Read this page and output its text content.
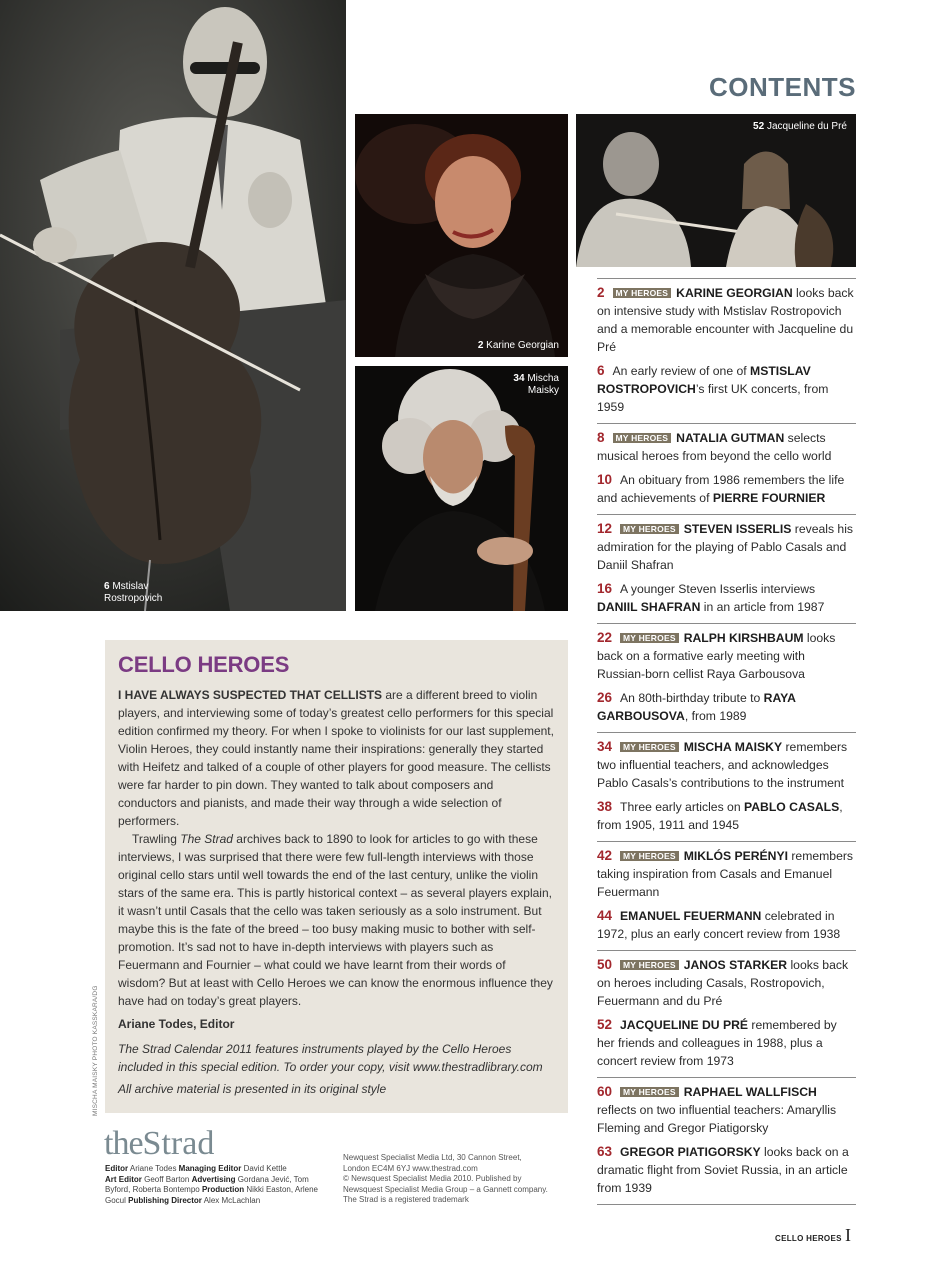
6 Mstislav
Rostropovich
2 Karine Georgian
34 Mischa
Maisky
52 Jacqueline du Pré
CONTENTS
2 MY HEROES KARINE GEORGIAN looks back on intensive study with Mstislav Rostropovich and a memorable encounter with Jacqueline du Pré
6 An early review of one of MSTISLAV ROSTROPOVICH’s first UK concerts, from 1959
8 MY HEROES NATALIA GUTMAN selects musical heroes from beyond the cello world
10 An obituary from 1986 remembers the life and achievements of PIERRE FOURNIER
12 MY HEROES STEVEN ISSERLIS reveals his admiration for the playing of Pablo Casals and Daniil Shafran
16 A younger Steven Isserlis interviews DANIIL SHAFRAN in an article from 1987
22 MY HEROES RALPH KIRSHBAUM looks back on a formative early meeting with Russian-born cellist Raya Garbousova
26 An 80th-birthday tribute to RAYA GARBOUSOVA, from 1989
34 MY HEROES MISCHA MAISKY remembers two influential teachers, and acknowledges Pablo Casals’s contributions to the instrument
38 Three early articles on PABLO CASALS, from 1905, 1911 and 1945
42 MY HEROES MIKLÓS PERÉNYI remembers taking inspiration from Casals and Emanuel Feuermann
44 EMANUEL FEUERMANN celebrated in 1972, plus an early concert review from 1938
50 MY HEROES JANOS STARKER looks back on heroes including Casals, Rostropovich, Feuermann and du Pré
52 JACQUELINE DU PRÉ remembered by her friends and colleagues in 1988, plus a concert review from 1973
60 MY HEROES RAPHAEL WALLFISCH reflects on two influential teachers: Amaryllis Fleming and Gregor Piatigorsky
63 GREGOR PIATIGORSKY looks back on a dramatic flight from Soviet Russia, in an article from 1939
CELLO HEROES

I HAVE ALWAYS SUSPECTED THAT CELLISTS are a different breed to violin players, and interviewing some of today’s greatest cello performers for this special edition confirmed my theory. For when I spoke to violinists for our last supplement, Violin Heroes, they could instantly name their inspirations: generally they started with Heifetz and talked of a couple of other players for good measure. The cellists were far harder to pin down. They wanted to talk about composers and conductors and pianists, and made their way through a wide selection of performers.

Trawling The Strad archives back to 1890 to look for articles to go with these interviews, I was surprised that there were few full-length interviews with those original cello stars until well towards the end of the last century, unlike the violin stars of the same era. This is partly historical context – as several players explain, it wasn’t until Casals that the cello was taken seriously as a solo instrument. But maybe this is the fate of the breed – too busy making music to bother with self-promotion. It’s sad not to have in-depth interviews with players such as Feuermann and Fournier – what could we have learnt from their words of wisdom? But at least with Cello Heroes we can know the enormous influence they have had on today’s great players.

Ariane Todes, Editor
The Strad Calendar 2011 features instruments played by the Cello Heroes included in this special edition. To order your copy, visit www.thestradlibrary.com
All archive material is presented in its original style
MISCHA MAISKY PHOTO KASSKARA/DG
theStrad
Editor Ariane Todes Managing Editor David Kettle
Art Editor Geoff Barton Advertising Gordana Jević, Tom Byford, Roberta Bontempo Production Nikki Easton, Arlene Gocul Publishing Director Alex McLachlan
Newquest Specialist Media Ltd, 30 Cannon Street,
London EC4M 6YJ www.thestrad.com
© Newsquest Specialist Media 2010. Published by
Newsquest Specialist Media Group – a Gannett company.
The Strad is a registered trademark
CELLO HEROES I
